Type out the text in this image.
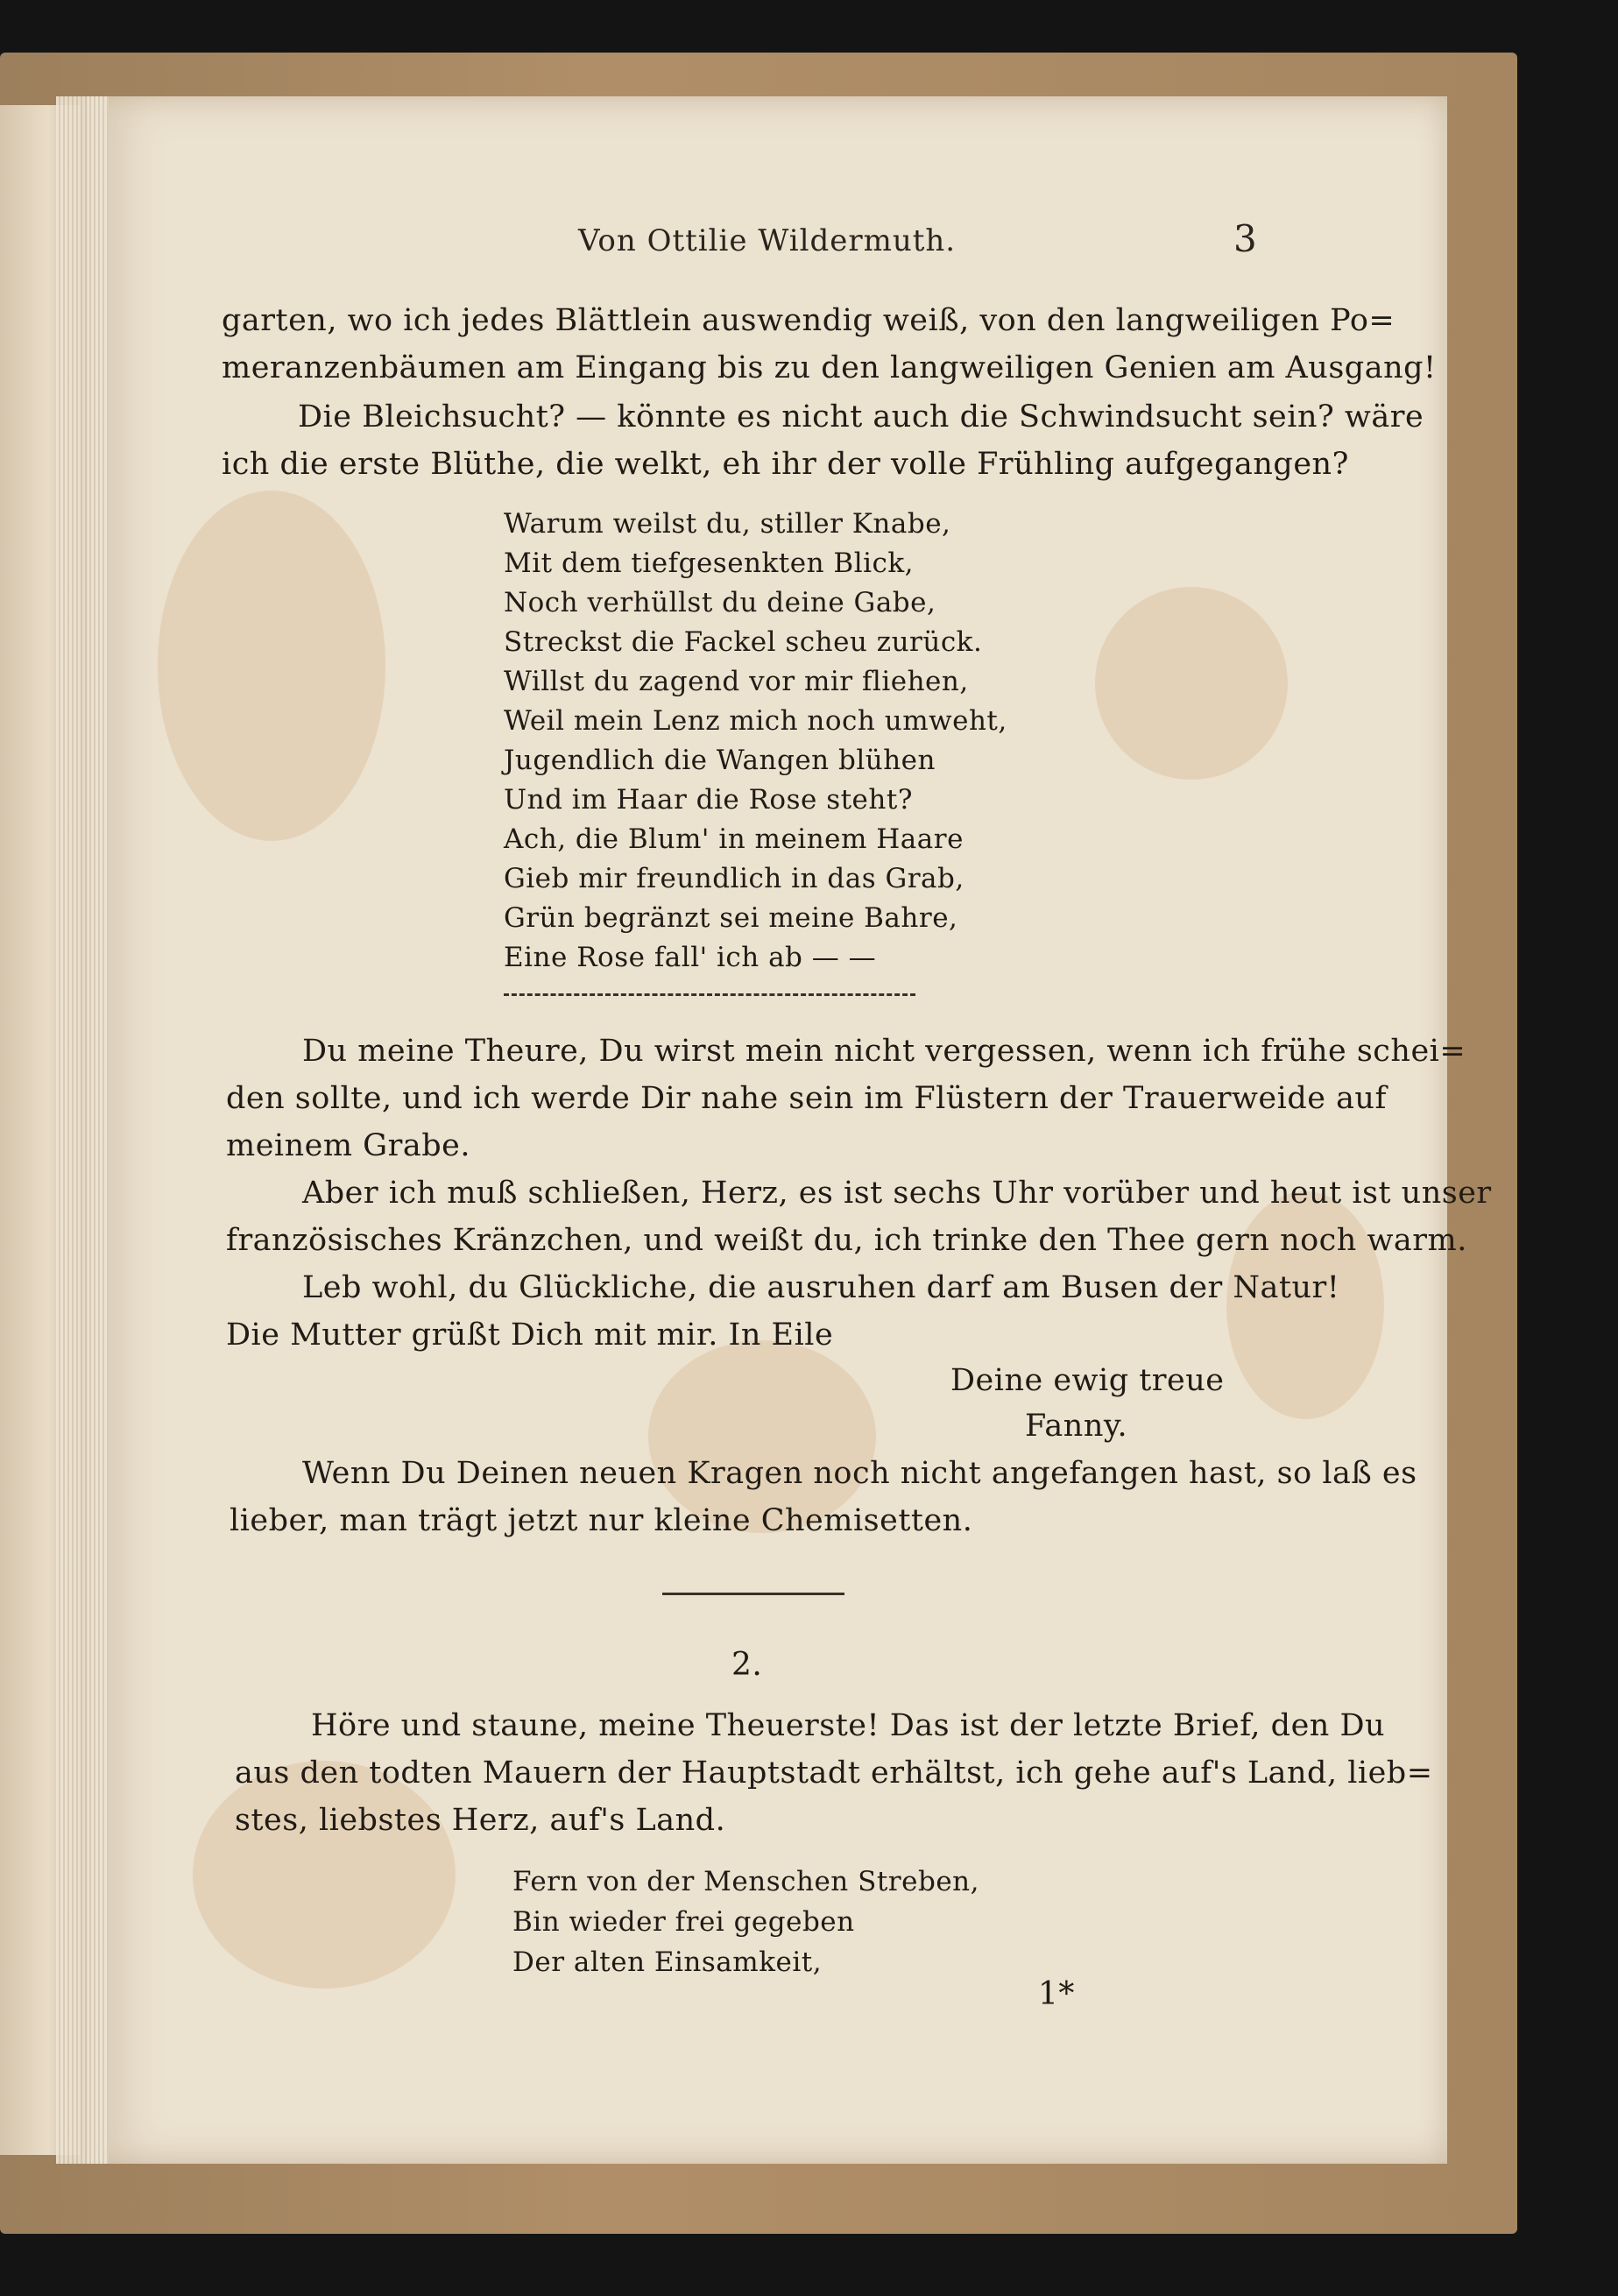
Von Ottilie Wildermuth.	3
garten, wo ich jedes Blättlein auswendig weiß, von den langweiligen Po=
meranzenbäumen am Eingang bis zu den langweiligen Genien am Ausgang!
Die Bleichsucht? — könnte es nicht auch die Schwindsucht sein? wäre
ich die erste Blüthe, die welkt, eh ihr der volle Frühling aufgegangen?
Warum weilst du, stiller Knabe,
Mit dem tiefgesenkten Blick,
Noch verhüllst du deine Gabe,
Streckst die Fackel scheu zurück.
Willst du zagend vor mir fliehen,
Weil mein Lenz mich noch umweht,
Jugendlich die Wangen blühen
Und im Haar die Rose steht?
Ach, die Blum' in meinem Haare
Gieb mir freundlich in das Grab,
Grün begränzt sei meine Bahre,
Eine Rose fall' ich ab — —
Du meine Theure, Du wirst mein nicht vergessen, wenn ich frühe schei=
den sollte, und ich werde Dir nahe sein im Flüstern der Trauerweide auf
meinem Grabe.
Aber ich muß schließen, Herz, es ist sechs Uhr vorüber und heut ist unser
französisches Kränzchen, und weißt du, ich trinke den Thee gern noch warm.
Leb wohl, du Glückliche, die ausruhen darf am Busen der Natur!
Die Mutter grüßt Dich mit mir. In Eile
Deine ewig treue
Fanny.
Wenn Du Deinen neuen Kragen noch nicht angefangen hast, so laß es
lieber, man trägt jetzt nur kleine Chemisetten.
2.
Höre und staune, meine Theuerste! Das ist der letzte Brief, den Du
aus den todten Mauern der Hauptstadt erhältst, ich gehe auf's Land, lieb=
stes, liebstes Herz, auf's Land.
Fern von der Menschen Streben,
Bin wieder frei gegeben
Der alten Einsamkeit,
1*
